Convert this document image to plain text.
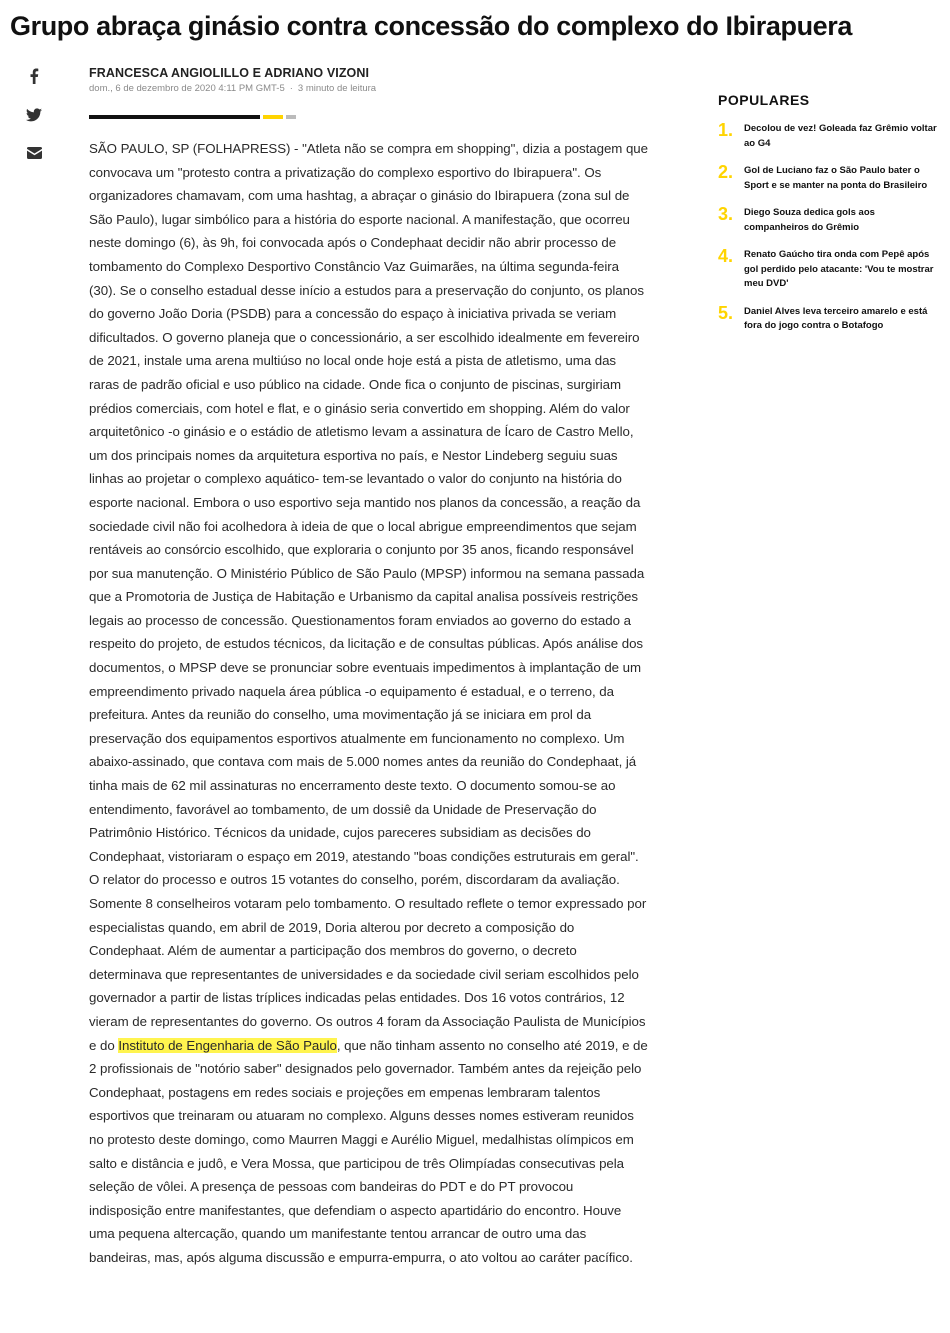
Grupo abraça ginásio contra concessão do complexo do Ibirapuera
FRANCESCA ANGIOLILLO E ADRIANO VIZONI
dom., 6 de dezembro de 2020 4:11 PM GMT-5 · 3 minuto de leitura

SÃO PAULO, SP (FOLHAPRESS) - "Atleta não se compra em shopping", dizia a postagem que convocava um "protesto contra a privatização do complexo esportivo do Ibirapuera". Os organizadores chamavam, com uma hashtag, a abraçar o ginásio do Ibirapuera (zona sul de São Paulo), lugar simbólico para a história do esporte nacional. A manifestação, que ocorreu neste domingo (6), às 9h, foi convocada após o Condephaat decidir não abrir processo de tombamento do Complexo Desportivo Constâncio Vaz Guimarães, na última segunda-feira (30). Se o conselho estadual desse início a estudos para a preservação do conjunto, os planos do governo João Doria (PSDB) para a concessão do espaço à iniciativa privada se veriam dificultados. O governo planeja que o concessionário, a ser escolhido idealmente em fevereiro de 2021, instale uma arena multiúso no local onde hoje está a pista de atletismo, uma das raras de padrão oficial e uso público na cidade. Onde fica o conjunto de piscinas, surgiriam prédios comerciais, com hotel e flat, e o ginásio seria convertido em shopping. Além do valor arquitetônico -o ginásio e o estádio de atletismo levam a assinatura de Ícaro de Castro Mello, um dos principais nomes da arquitetura esportiva no país, e Nestor Lindeberg seguiu suas linhas ao projetar o complexo aquático- tem-se levantado o valor do conjunto na história do esporte nacional. Embora o uso esportivo seja mantido nos planos da concessão, a reação da sociedade civil não foi acolhedora à ideia de que o local abrigue empreendimentos que sejam rentáveis ao consórcio escolhido, que exploraria o conjunto por 35 anos, ficando responsável por sua manutenção. O Ministério Público de São Paulo (MPSP) informou na semana passada que a Promotoria de Justiça de Habitação e Urbanismo da capital analisa possíveis restrições legais ao processo de concessão. Questionamentos foram enviados ao governo do estado a respeito do projeto, de estudos técnicos, da licitação e de consultas públicas. Após análise dos documentos, o MPSP deve se pronunciar sobre eventuais impedimentos à implantação de um empreendimento privado naquela área pública -o equipamento é estadual, e o terreno, da prefeitura. Antes da reunião do conselho, uma movimentação já se iniciara em prol da preservação dos equipamentos esportivos atualmente em funcionamento no complexo. Um abaixo-assinado, que contava com mais de 5.000 nomes antes da reunião do Condephaat, já tinha mais de 62 mil assinaturas no encerramento deste texto. O documento somou-se ao entendimento, favorável ao tombamento, de um dossiê da Unidade de Preservação do Patrimônio Histórico. Técnicos da unidade, cujos pareceres subsidiam as decisões do Condephaat, vistoriaram o espaço em 2019, atestando "boas condições estruturais em geral". O relator do processo e outros 15 votantes do conselho, porém, discordaram da avaliação. Somente 8 conselheiros votaram pelo tombamento. O resultado reflete o temor expressado por especialistas quando, em abril de 2019, Doria alterou por decreto a composição do Condephaat. Além de aumentar a participação dos membros do governo, o decreto determinava que representantes de universidades e da sociedade civil seriam escolhidos pelo governador a partir de listas tríplices indicadas pelas entidades. Dos 16 votos contrários, 12 vieram de representantes do governo. Os outros 4 foram da Associação Paulista de Municípios e do Instituto de Engenharia de São Paulo, que não tinham assento no conselho até 2019, e de 2 profissionais de "notório saber" designados pelo governador. Também antes da rejeição pelo Condephaat, postagens em redes sociais e projeções em empenas lembraram talentos esportivos que treinaram ou atuaram no complexo. Alguns desses nomes estiveram reunidos no protesto deste domingo, como Maurren Maggi e Aurélio Miguel, medalhistas olímpicos em salto e distância e judô, e Vera Mossa, que participou de três Olimpíadas consecutivas pela seleção de vôlei. A presença de pessoas com bandeiras do PDT e do PT provocou indisposição entre manifestantes, que defendiam o aspecto apartidário do encontro. Houve uma pequena altercação, quando um manifestante tentou arrancar de outro uma das bandeiras, mas, após alguma discussão e empurra-empurra, o ato voltou ao caráter pacífico.

POPULARES
1.	Decolou de vez! Goleada faz Grêmio voltar ao G4
2.	Gol de Luciano faz o São Paulo bater o Sport e se manter na ponta do Brasileiro
3.	Diego Souza dedica gols aos companheiros do Grêmio
4.	Renato Gaúcho tira onda com Pepê após gol perdido pelo atacante: 'Vou te mostrar meu DVD'
5.	Daniel Alves leva terceiro amarelo e está fora do jogo contra o Botafogo
